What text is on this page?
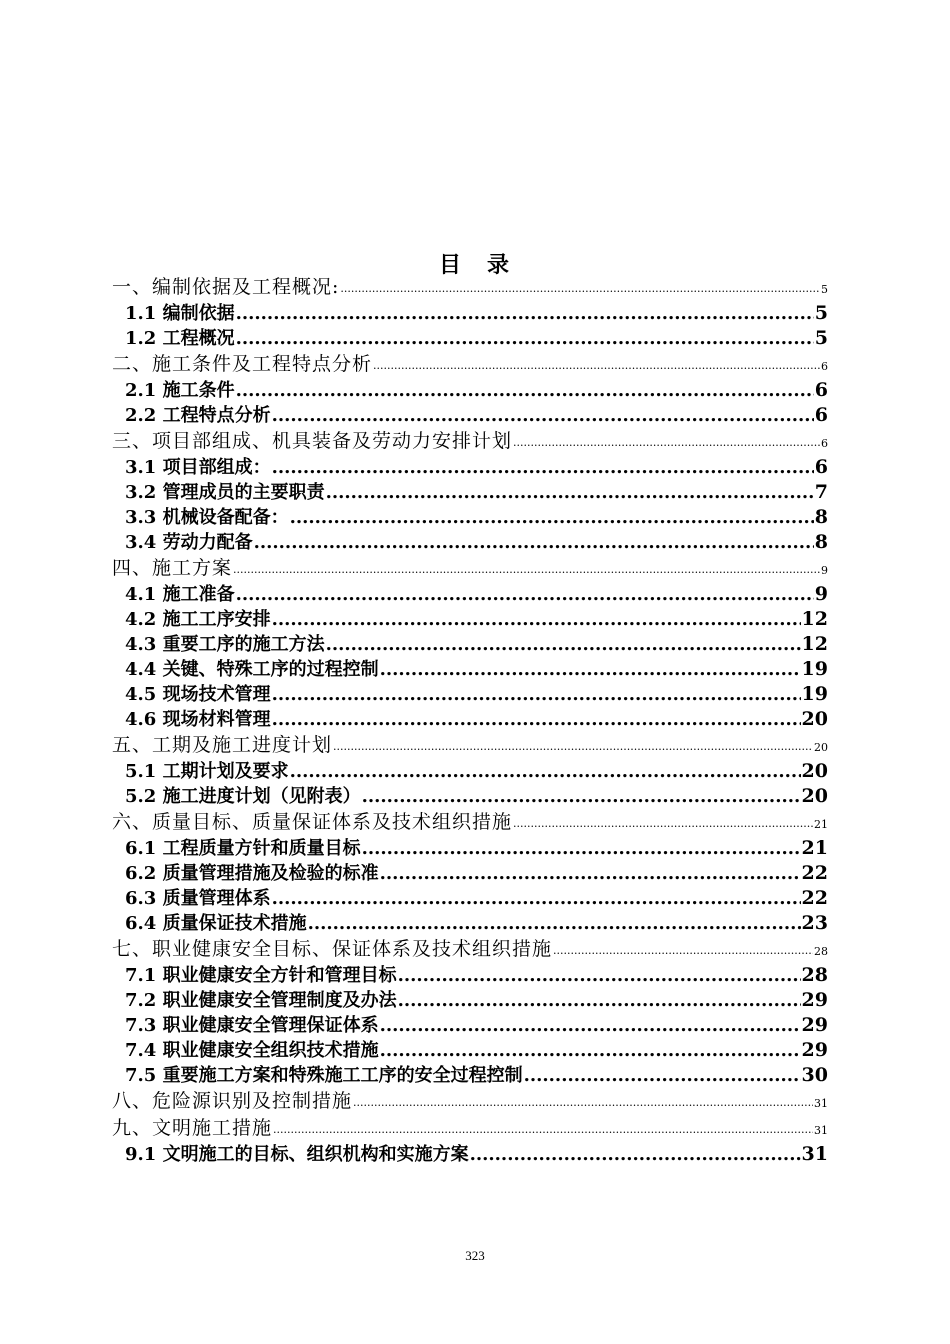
目　录
一、编制依据及工程概况: .....	5
1.1 编制依据 .....	5
1.2 工程概况 .....	5
二、施工条件及工程特点分析 .....	6
2.1 施工条件 .....	6
2.2 工程特点分析 .....	6
三、项目部组成、机具装备及劳动力安排计划 .....	6
3.1 项目部组成： .....	6
3.2 管理成员的主要职责 .....	7
3.3 机械设备配备： .....	8
3.4 劳动力配备 .....	8
四、施工方案 .....	9
4.1 施工准备 .....	9
4.2 施工工序安排 .....	12
4.3 重要工序的施工方法 .....	12
4.4 关键、特殊工序的过程控制 .....	19
4.5 现场技术管理 .....	19
4.6 现场材料管理 .....	20
五、工期及施工进度计划 .....	20
5.1 工期计划及要求 .....	20
5.2 施工进度计划（见附表） .....	20
六、质量目标、质量保证体系及技术组织措施 .....	21
6.1 工程质量方针和质量目标 .....	21
6.2 质量管理措施及检验的标准 .....	22
6.3 质量管理体系 .....	22
6.4 质量保证技术措施 .....	23
七、职业健康安全目标、保证体系及技术组织措施 .....	28
7.1 职业健康安全方针和管理目标 .....	28
7.2 职业健康安全管理制度及办法 .....	29
7.3 职业健康安全管理保证体系 .....	29
7.4 职业健康安全组织技术措施 .....	29
7.5 重要施工方案和特殊施工工序的安全过程控制 .....	30
八、危险源识别及控制措施 .....	31
九、文明施工措施 .....	31
9.1 文明施工的目标、组织机构和实施方案 .....	31
323
